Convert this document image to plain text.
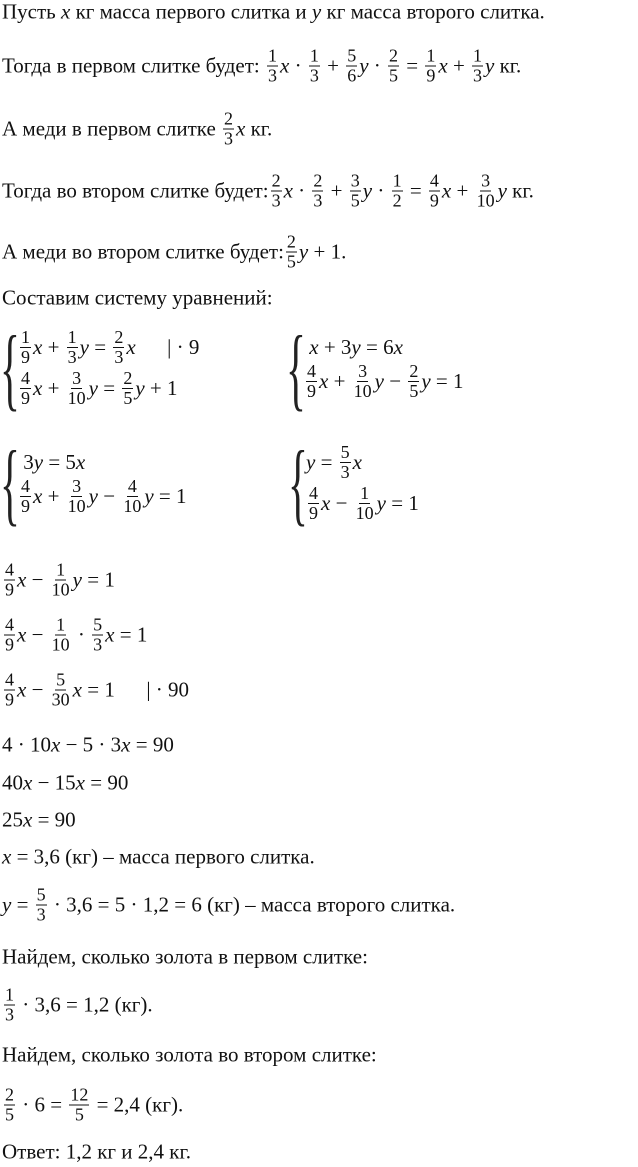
Пусть x кг масса первого слитка и y кг масса второго слитка.
Тогда в первом слитке будет: $\frac{1}{3}$ $x \cdot \frac{1}{3} + \frac{5}{6}$ $y \cdot \frac{2}{5} = \frac{1}{9}$ $x + \frac{1}{3}$ y кг.
А меди в первом слитке $\frac{2}{3}$ x кг.
Тогда во втором слитке будет: $\frac{2}{3}$ $x \cdot \frac{2}{3} + \frac{3}{5}$ $y \cdot \frac{1}{2} = \frac{4}{9}$ $x + \frac{3}{10}$ y кг.
А меди во втором слитке будет: $\frac{2}{5}$ y + 1.
Составим систему уравнений:
{ $\frac{1}{9}$ $x + \frac{1}{3}$ $y = \frac{2}{3}$ x | · 9
$\frac{4}{9}$ $x + \frac{3}{10}$ $y = \frac{2}{5}$ y + 1 {
x + 3 y = 6 x
$\frac{4}{9}$ $x + \frac{3}{10}$ $y - \frac{2}{5}$ y = 1
{
3 y = 5 x
$\frac{4}{9}$ $x + \frac{3}{10}$ $y - \frac{4}{10}$ y = 1 {
$y = \frac{5}{3}$ x
$\frac{4}{9}$ $x - \frac{1}{10}$ y = 1
$\frac{4}{9}$ $x - \frac{1}{10}$ y = 1
$\frac{4}{9}$ $x - \frac{1}{10} \cdot \frac{5}{3}$ x = 1
$\frac{4}{9}$ $x - \frac{5}{30}$ x = 1      | · 90
4 · 10 x − 5 · 3 x = 90
40 x − 15 x = 90
25 x = 90
x = 3,6 (кг) – масса первого слитка.
$y = \frac{5}{3} \cdot 3,6 = 5 \cdot 1,2 = 6$ (кг) – масса второго слитка.
Найдем, сколько золота в первом слитке:
$\frac{1}{3} \cdot 3,6 = 1,2$ (кг).
Найдем, сколько золота во втором слитке:
$\frac{2}{5} \cdot 6 = \frac{12}{5} = 2,4$ (кг).
Ответ: 1,2 кг и 2,4 кг.
